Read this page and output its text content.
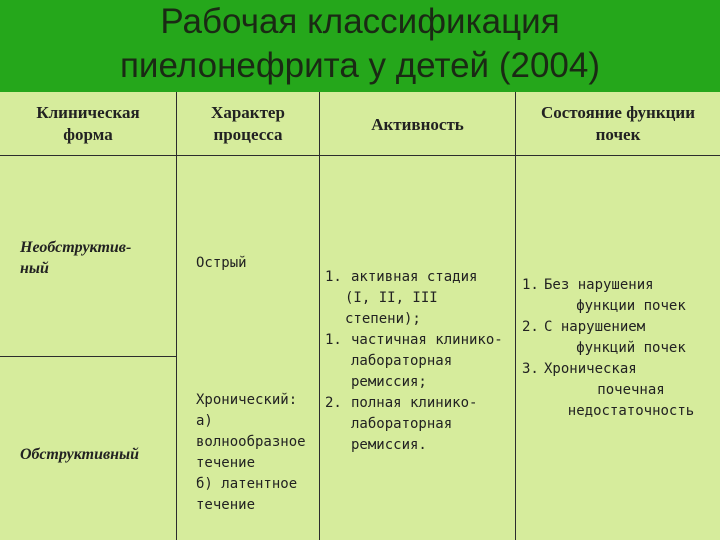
Рабочая классификация
пиелонефрита у детей (2004)
Клиническая
форма
Характер
процесса
Активность
Состояние функции
почек
Необструктив-
ный
Обструктивный
Острый
Хронический:
а)
волнообразное
течение
б) латентное
течение
1. активная стадия
(I, II, III степени);
1. частичная клинико-
лабораторная
ремиссия;
2. полная клинико-
лабораторная
ремиссия.
1. Без нарушения
функции почек
2. С нарушением
функций почек
3. Хроническая
почечная
недостаточность
